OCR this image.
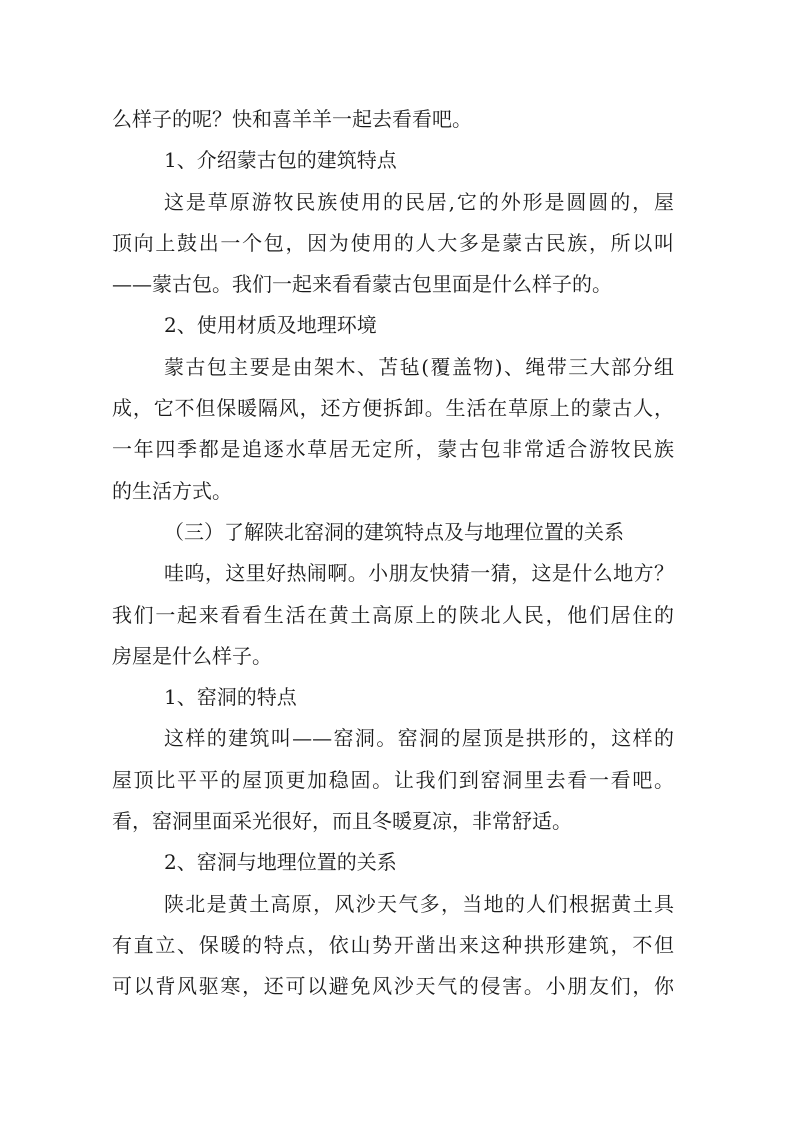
么样子的呢？快和喜羊羊一起去看看吧。
1、介绍蒙古包的建筑特点
这是草原游牧民族使用的民居,它的外形是圆圆的，屋
顶向上鼓出一个包，因为使用的人大多是蒙古民族，所以叫
——蒙古包。我们一起来看看蒙古包里面是什么样子的。
2、使用材质及地理环境
蒙古包主要是由架木、苫毡(覆盖物)、绳带三大部分组
成，它不但保暖隔风，还方便拆卸。生活在草原上的蒙古人，
一年四季都是追逐水草居无定所，蒙古包非常适合游牧民族
的生活方式。
（三）了解陕北窑洞的建筑特点及与地理位置的关系
哇呜，这里好热闹啊。小朋友快猜一猜，这是什么地方？
我们一起来看看生活在黄土高原上的陕北人民，他们居住的
房屋是什么样子。
1、窑洞的特点
这样的建筑叫——窑洞。窑洞的屋顶是拱形的，这样的
屋顶比平平的屋顶更加稳固。让我们到窑洞里去看一看吧。
看，窑洞里面采光很好，而且冬暖夏凉，非常舒适。
2、窑洞与地理位置的关系
陕北是黄土高原，风沙天气多，当地的人们根据黄土具
有直立、保暖的特点，依山势开凿出来这种拱形建筑，不但
可以背风驱寒，还可以避免风沙天气的侵害。小朋友们，你
